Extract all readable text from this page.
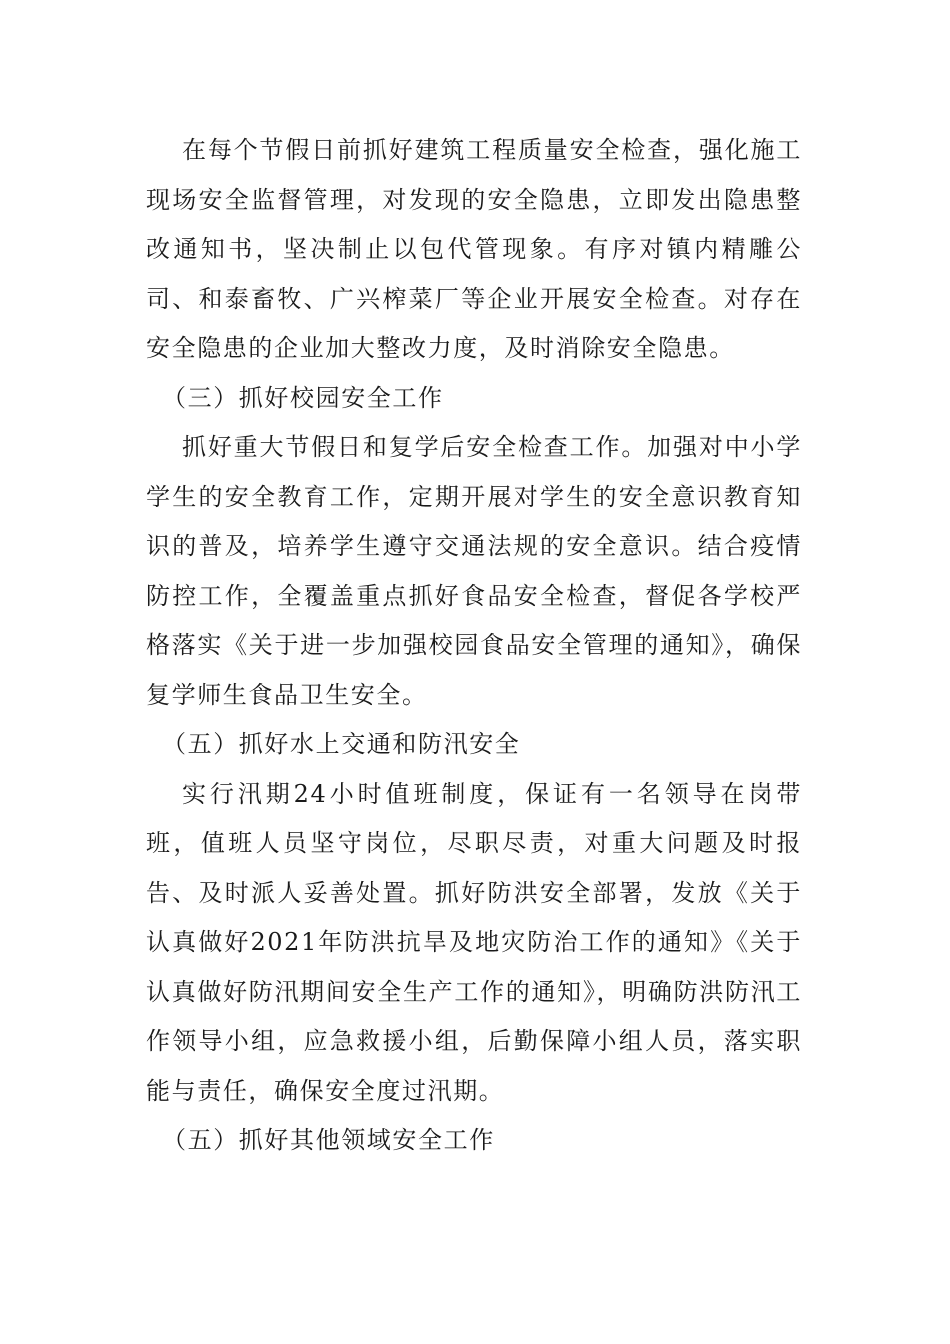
在每个节假日前抓好建筑工程质量安全检查，强化施工现场安全监督管理，对发现的安全隐患，立即发出隐患整改通知书，坚决制止以包代管现象。有序对镇内精雕公司、和泰畜牧、广兴榨菜厂等企业开展安全检查。对存在安全隐患的企业加大整改力度，及时消除安全隐患。

（三）抓好校园安全工作

抓好重大节假日和复学后安全检查工作。加强对中小学学生的安全教育工作，定期开展对学生的安全意识教育知识的普及，培养学生遵守交通法规的安全意识。结合疫情防控工作，全覆盖重点抓好食品安全检查，督促各学校严格落实《关于进一步加强校园食品安全管理的通知》，确保复学师生食品卫生安全。

（五）抓好水上交通和防汛安全

实行汛期24小时值班制度，保证有一名领导在岗带班，值班人员坚守岗位，尽职尽责，对重大问题及时报告、及时派人妥善处置。抓好防洪安全部署，发放《关于认真做好2021年防洪抗旱及地灾防治工作的通知》《关于认真做好防汛期间安全生产工作的通知》，明确防洪防汛工作领导小组，应急救援小组，后勤保障小组人员，落实职能与责任，确保安全度过汛期。

（五）抓好其他领域安全工作
